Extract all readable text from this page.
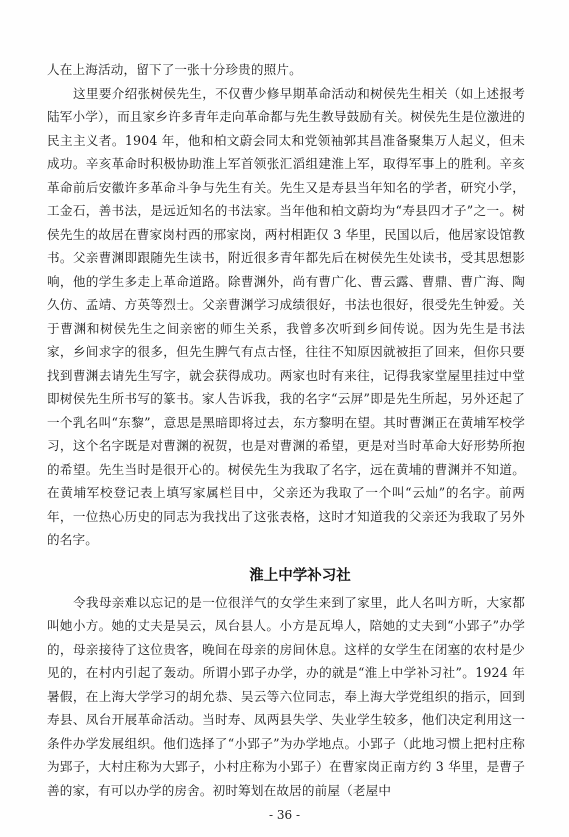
人在上海活动，留下了一张十分珍贵的照片。

这里要介绍张树侯先生，不仅曹少修早期革命活动和树侯先生相关（如上述报考陆军小学），而且家乡许多青年走向革命都与先生教导鼓励有关。树侯先生是位激进的民主主义者。1904 年，他和柏文蔚会同太和党领袖郭其昌准备聚集万人起义，但未成功。辛亥革命时积极协助淮上军首领张汇滔组建淮上军，取得军事上的胜利。辛亥革命前后安徽许多革命斗争与先生有关。先生又是寿县当年知名的学者，研究小学，工金石，善书法，是远近知名的书法家。当年他和柏文蔚均为“寿县四才子”之一。树侯先生的故居在曹家岗村西的邢家岗，两村相距仅 3 华里，民国以后，他居家设馆教书。父亲曹渊即跟随先生读书，附近很多青年都先后在树侯先生处读书，受其思想影响，他的学生多走上革命道路。除曹渊外，尚有曹广化、曹云露、曹鼎、曹广海、陶久仿、孟靖、方英等烈士。父亲曹渊学习成绩很好，书法也很好，很受先生钟爱。关于曹渊和树侯先生之间亲密的师生关系，我曾多次听到乡间传说。因为先生是书法家，乡间求字的很多，但先生脾气有点古怪，往往不知原因就被拒了回来，但你只要找到曹渊去请先生写字，就会获得成功。两家也时有来往，记得我家堂屋里挂过中堂即树侯先生所书写的篆书。家人告诉我，我的名字“云屏”即是先生所起，另外还起了一个乳名叫“东黎”，意思是黑暗即将过去，东方黎明在望。其时曹渊正在黄埔军校学习，这个名字既是对曹渊的祝贺，也是对曹渊的希望，更是对当时革命大好形势所抱的希望。先生当时是很开心的。树侯先生为我取了名字，远在黄埔的曹渊并不知道。在黄埔军校登记表上填写家属栏目中，父亲还为我取了一个叫“云灿”的名字。前两年，一位热心历史的同志为我找出了这张表格，这时才知道我的父亲还为我取了另外的名字。

淮上中学补习社

令我母亲难以忘记的是一位很洋气的女学生来到了家里，此人名叫方昕，大家都叫她小方。她的丈夫是吴云，凤台县人。小方是瓦埠人，陪她的丈夫到“小郢子”办学的，母亲接待了这位贵客，晚间在母亲的房间休息。这样的女学生在闭塞的农村是少见的，在村内引起了轰动。所谓小郢子办学，办的就是“淮上中学补习社”。1924 年暑假，在上海大学学习的胡允恭、吴云等六位同志，奉上海大学党组织的指示，回到寿县、凤台开展革命活动。当时寿、凤两县失学、失业学生较多，他们决定利用这一条件办学发展组织。他们选择了“小郢子”为办学地点。小郢子（此地习惯上把村庄称为郢子，大村庄称为大郢子，小村庄称为小郢子）在曹家岗正南方约 3 华里，是曹子善的家，有可以办学的房舍。初时筹划在故居的前屋（老屋中

- 36 -
